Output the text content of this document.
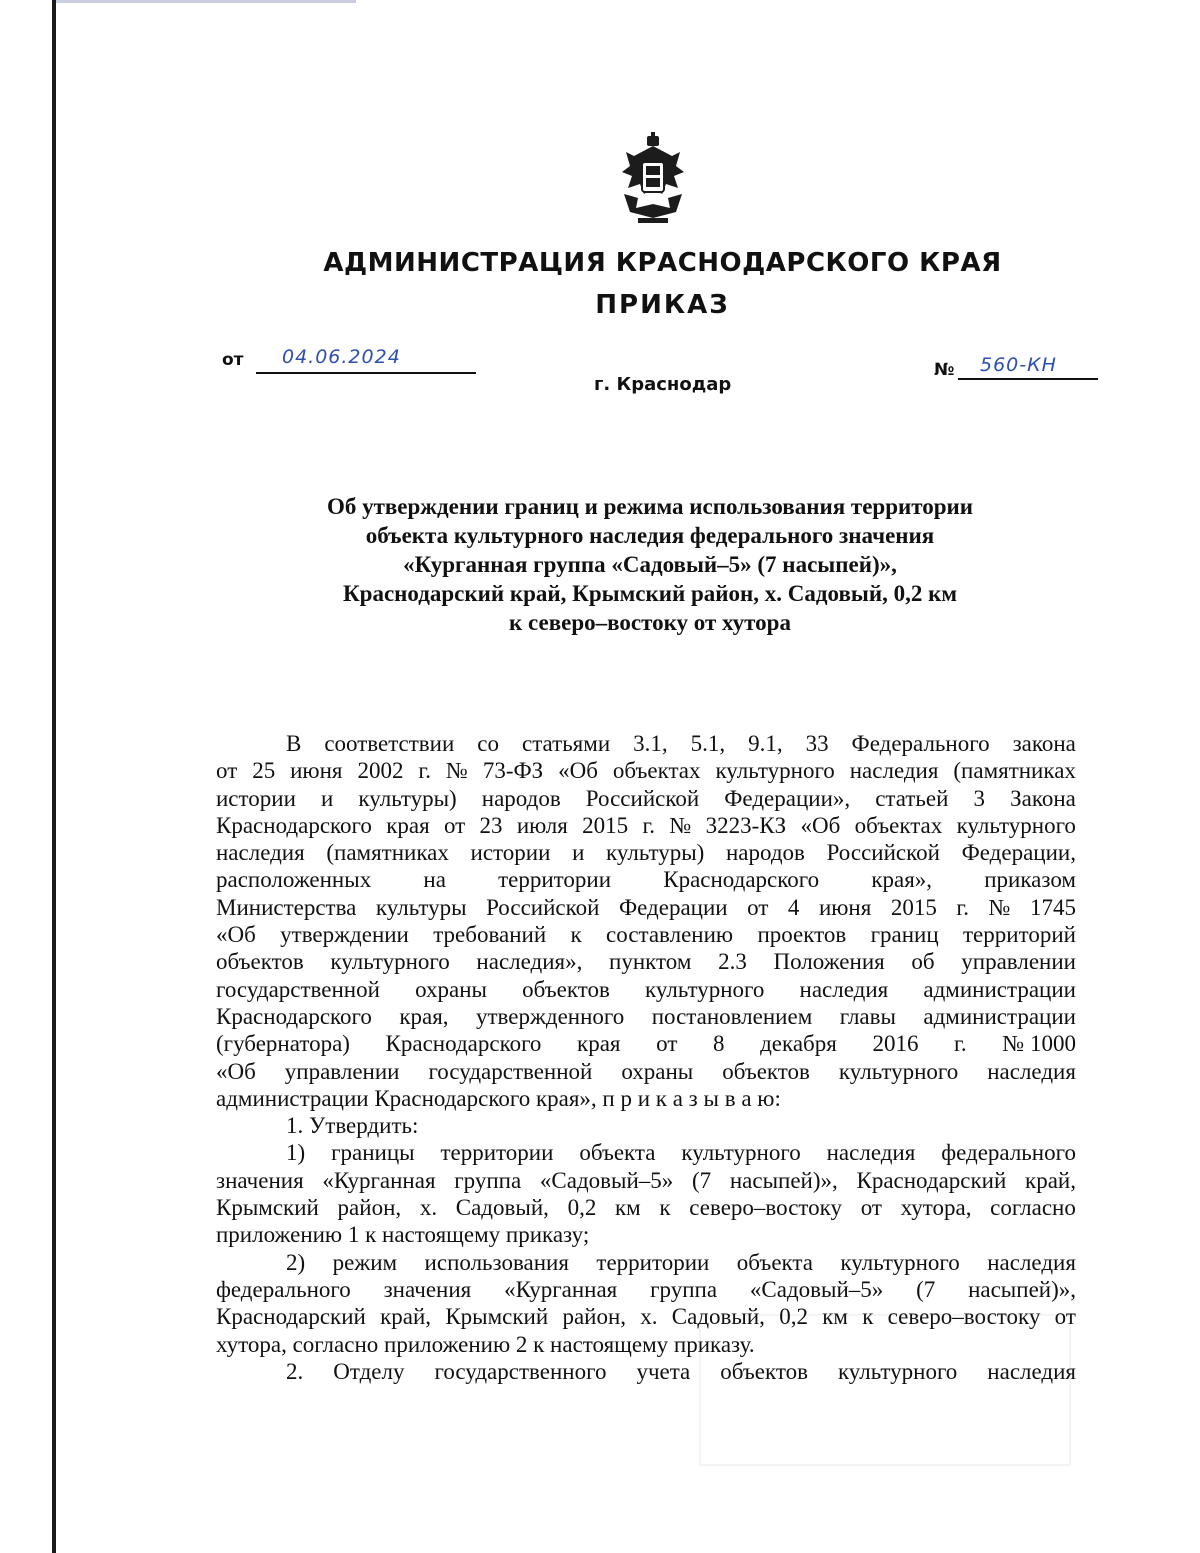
АДМИНИСТРАЦИЯ КРАСНОДАРСКОГО КРАЯ
ПРИКАЗ
от 04.06.2024
№ 560-КН
г. Краснодар
Об утверждении границ и режима использования территории
объекта культурного наследия федерального значения
«Курганная группа «Садовый–5» (7 насыпей)»,
Краснодарский край, Крымский район, х. Садовый, 0,2 км
к северо–востоку от хутора
В соответствии со статьями 3.1, 5.1, 9.1, 33 Федерального закона
от 25 июня 2002 г. № 73-ФЗ «Об объектах культурного наследия (памятниках
истории и культуры) народов Российской Федерации», статьей 3 Закона
Краснодарского края от 23 июля 2015 г. № 3223-КЗ «Об объектах культурного
наследия (памятниках истории и культуры) народов Российской Федерации,
расположенных на территории Краснодарского края», приказом
Министерства культуры Российской Федерации от 4 июня 2015 г. № 1745
«Об утверждении требований к составлению проектов границ территорий
объектов культурного наследия», пунктом 2.3 Положения об управлении
государственной охраны объектов культурного наследия администрации
Краснодарского края, утвержденного постановлением главы администрации
(губернатора) Краснодарского края от 8 декабря 2016 г. № 1000
«Об управлении государственной охраны объектов культурного наследия
администрации Краснодарского края», п р и к а з ы в а ю:
1. Утвердить:
1) границы территории объекта культурного наследия федерального
значения «Курганная группа «Садовый–5» (7 насыпей)», Краснодарский край,
Крымский район, х. Садовый, 0,2 км к северо–востоку от хутора, согласно
приложению 1 к настоящему приказу;
2) режим использования территории объекта культурного наследия
федерального значения «Курганная группа «Садовый–5» (7 насыпей)»,
Краснодарский край, Крымский район, х. Садовый, 0,2 км к северо–востоку от
хутора, согласно приложению 2 к настоящему приказу.
2. Отделу государственного учета объектов культурного наследия
